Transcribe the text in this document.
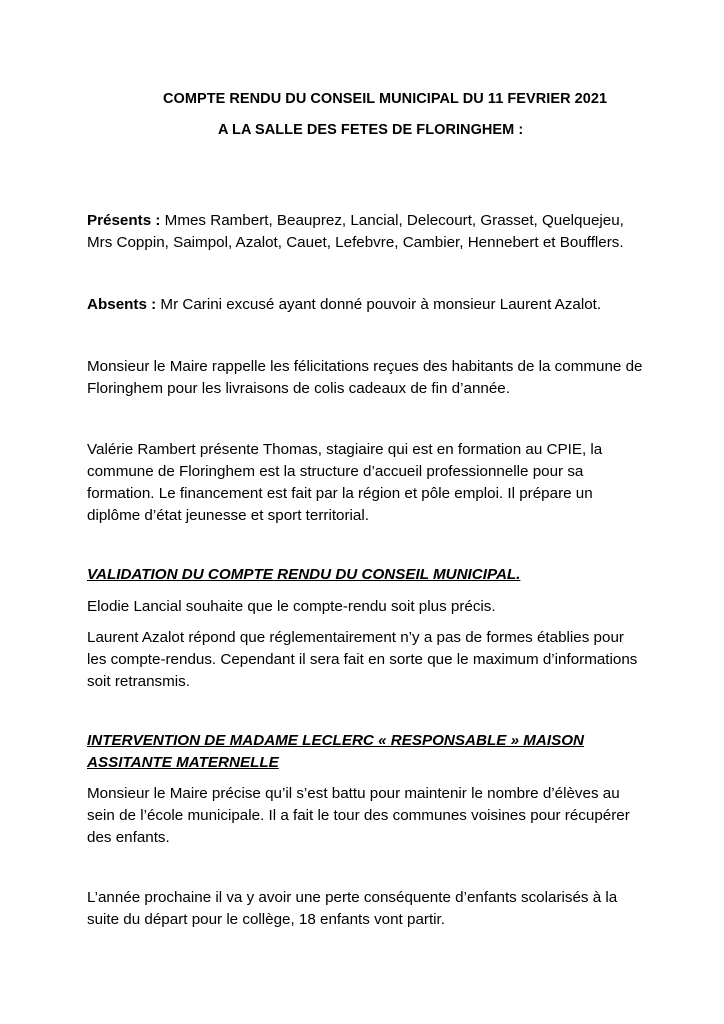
COMPTE RENDU DU CONSEIL MUNICIPAL DU 11 FEVRIER 2021
A LA SALLE DES FETES DE FLORINGHEM :
Présents : Mmes Rambert, Beauprez, Lancial, Delecourt, Grasset, Quelquejeu, Mrs Coppin, Saimpol, Azalot, Cauet, Lefebvre, Cambier, Hennebert et Boufflers.
Absents : Mr Carini excusé ayant donné pouvoir à monsieur Laurent Azalot.
Monsieur le Maire rappelle les félicitations reçues des habitants de la commune de Floringhem pour les livraisons de colis cadeaux de fin d’année.
Valérie Rambert présente Thomas, stagiaire qui est en formation au CPIE, la commune de Floringhem est la structure d’accueil professionnelle pour sa formation. Le financement est fait par la région et pôle emploi. Il prépare un diplôme d’état jeunesse et sport territorial.
VALIDATION DU COMPTE RENDU DU CONSEIL MUNICIPAL.
Elodie Lancial souhaite que le compte-rendu soit plus précis.
Laurent Azalot répond que réglementairement n’y a pas de formes établies pour les compte-rendus. Cependant il sera fait en sorte que le maximum d’informations soit retransmis.
INTERVENTION DE MADAME LECLERC « RESPONSABLE » MAISON ASSITANTE MATERNELLE
Monsieur le Maire précise qu’il s’est battu pour maintenir le nombre d’élèves au sein de l’école municipale. Il a fait le tour des communes voisines pour récupérer des enfants.
L’année prochaine il va y avoir une perte conséquente d’enfants scolarisés à la suite du départ pour le collège, 18 enfants vont partir.
